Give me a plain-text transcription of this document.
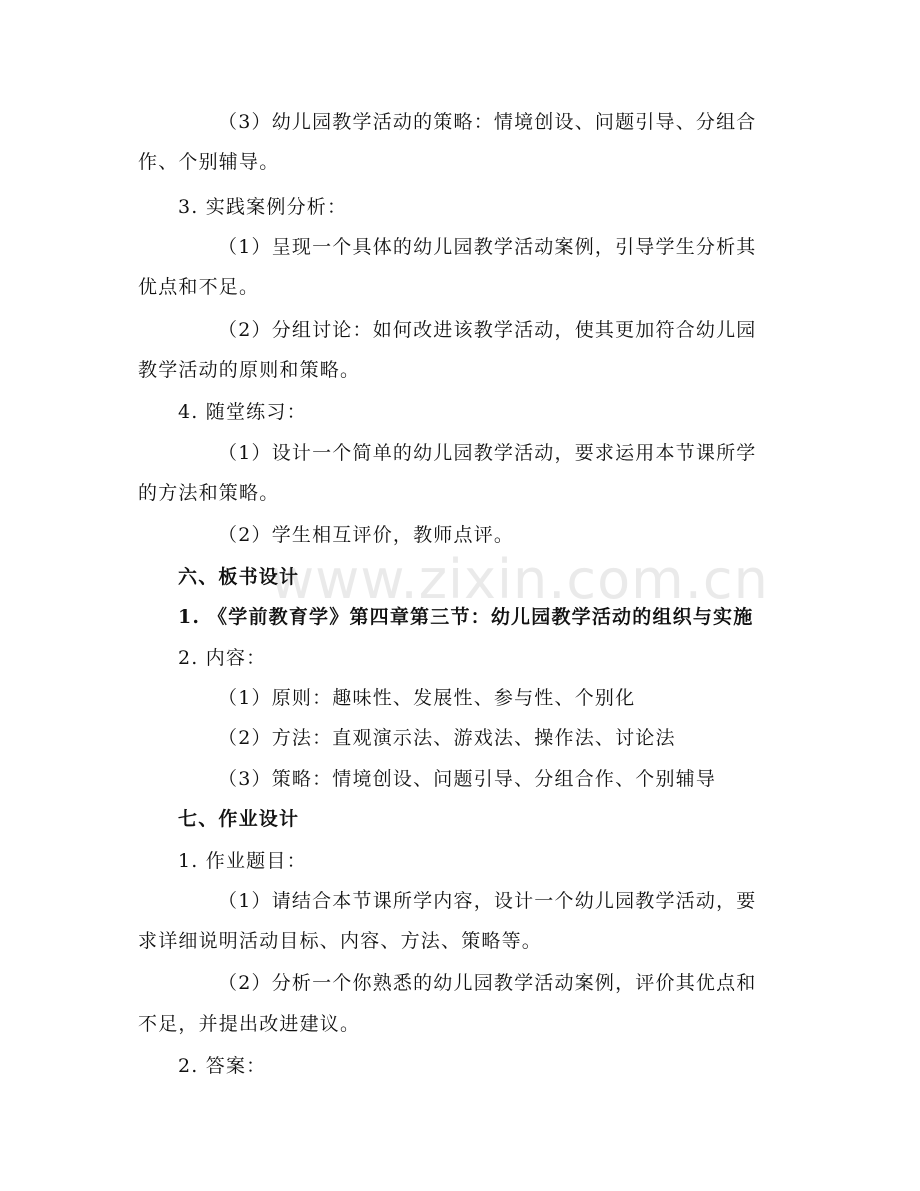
www.zixin.com.cn
（3）幼儿园教学活动的策略：情境创设、问题引导、分组合
作、个别辅导。
3. 实践案例分析：
（1）呈现一个具体的幼儿园教学活动案例，引导学生分析其
优点和不足。
（2）分组讨论：如何改进该教学活动，使其更加符合幼儿园
教学活动的原则和策略。
4. 随堂练习：
（1）设计一个简单的幼儿园教学活动，要求运用本节课所学
的方法和策略。
（2）学生相互评价，教师点评。
六、板书设计
1. 《学前教育学》第四章第三节：幼儿园教学活动的组织与实施
2. 内容：
（1）原则：趣味性、发展性、参与性、个别化
（2）方法：直观演示法、游戏法、操作法、讨论法
（3）策略：情境创设、问题引导、分组合作、个别辅导
七、作业设计
1. 作业题目：
（1）请结合本节课所学内容，设计一个幼儿园教学活动，要
求详细说明活动目标、内容、方法、策略等。
（2）分析一个你熟悉的幼儿园教学活动案例，评价其优点和
不足，并提出改进建议。
2. 答案：
